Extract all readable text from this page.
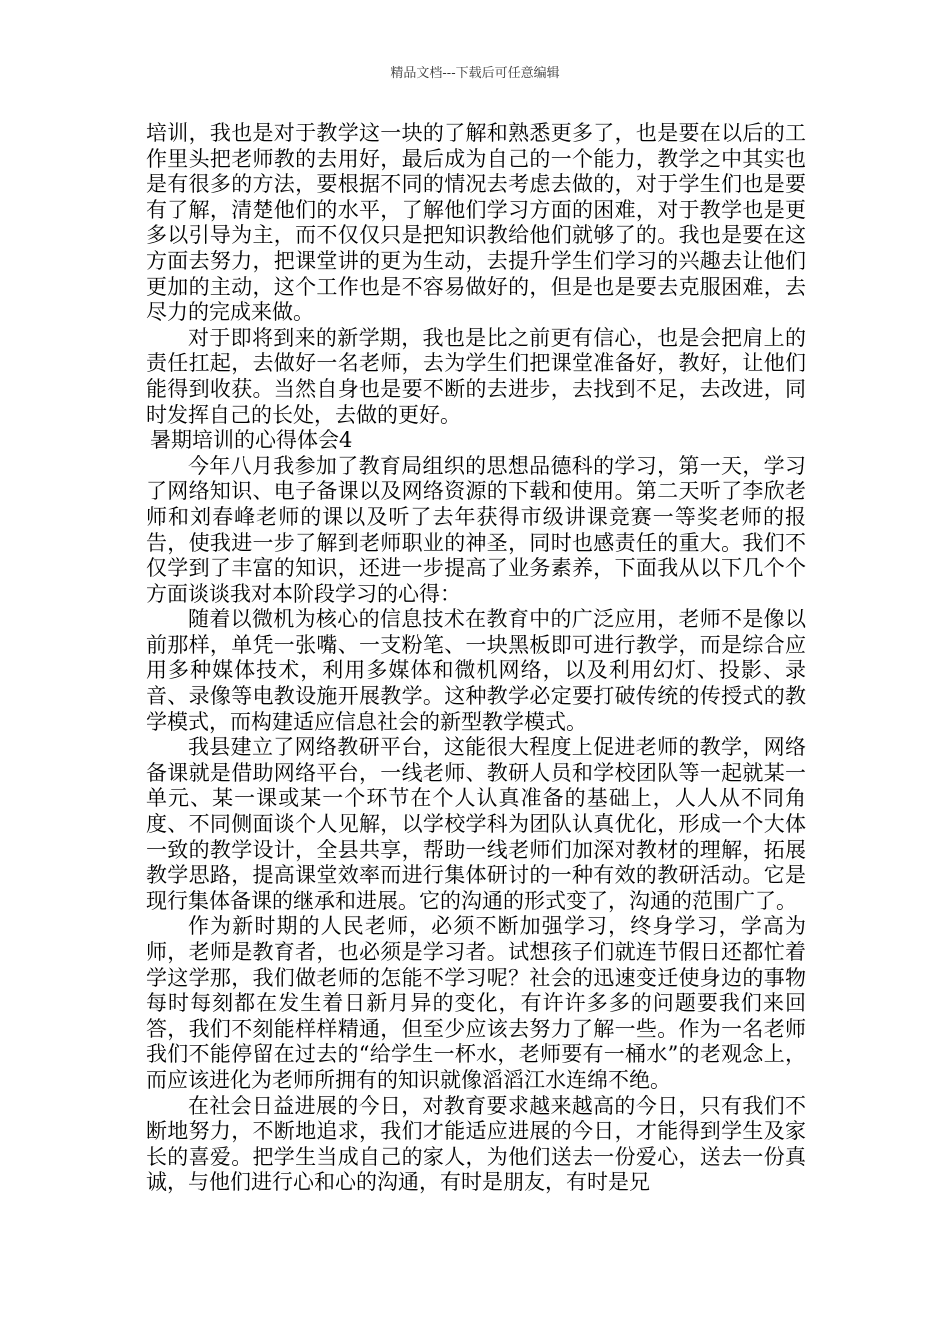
精品文档---下载后可任意编辑

培训，我也是对于教学这一块的了解和熟悉更多了，也是要在以后的工作里头把老师教的去用好，最后成为自己的一个能力，教学之中其实也是有很多的方法，要根据不同的情况去考虑去做的，对于学生们也是要有了解，清楚他们的水平，了解他们学习方面的困难，对于教学也是更多以引导为主，而不仅仅只是把知识教给他们就够了的。我也是要在这方面去努力，把课堂讲的更为生动，去提升学生们学习的兴趣去让他们更加的主动，这个工作也是不容易做好的，但是也是要去克服困难，去尽力的完成来做。

对于即将到来的新学期，我也是比之前更有信心，也是会把肩上的责任扛起，去做好一名老师，去为学生们把课堂准备好，教好，让他们能得到收获。当然自身也是要不断的去进步，去找到不足，去改进，同时发挥自己的长处，去做的更好。

暑期培训的心得体会4

今年八月我参加了教育局组织的思想品德科的学习，第一天，学习了网络知识、电子备课以及网络资源的下载和使用。第二天听了李欣老师和刘春峰老师的课以及听了去年获得市级讲课竞赛一等奖老师的报告，使我进一步了解到老师职业的神圣，同时也感责任的重大。我们不仅学到了丰富的知识，还进一步提高了业务素养，下面我从以下几个个方面谈谈我对本阶段学习的心得：

随着以微机为核心的信息技术在教育中的广泛应用，老师不是像以前那样，单凭一张嘴、一支粉笔、一块黑板即可进行教学，而是综合应用多种媒体技术，利用多媒体和微机网络，以及利用幻灯、投影、录音、录像等电教设施开展教学。这种教学必定要打破传统的传授式的教学模式，而构建适应信息社会的新型教学模式。

我县建立了网络教研平台，这能很大程度上促进老师的教学，网络备课就是借助网络平台，一线老师、教研人员和学校团队等一起就某一单元、某一课或某一个环节在个人认真准备的基础上，人人从不同角度、不同侧面谈个人见解，以学校学科为团队认真优化，形成一个大体一致的教学设计，全县共享，帮助一线老师们加深对教材的理解，拓展教学思路，提高课堂效率而进行集体研讨的一种有效的教研活动。它是现行集体备课的继承和进展。它的沟通的形式变了，沟通的范围广了。

作为新时期的人民老师，必须不断加强学习，终身学习，学高为师，老师是教育者，也必须是学习者。试想孩子们就连节假日还都忙着学这学那，我们做老师的怎能不学习呢？社会的迅速变迁使身边的事物每时每刻都在发生着日新月异的变化，有许许多多的问题要我们来回答，我们不刻能样样精通，但至少应该去努力了解一些。作为一名老师我们不能停留在过去的“给学生一杯水，老师要有一桶水”的老观念上，而应该进化为老师所拥有的知识就像滔滔江水连绵不绝。

在社会日益进展的今日，对教育要求越来越高的今日，只有我们不断地努力，不断地追求，我们才能适应进展的今日，才能得到学生及家长的喜爱。把学生当成自己的家人，为他们送去一份爱心，送去一份真诚，与他们进行心和心的沟通，有时是朋友，有时是兄
